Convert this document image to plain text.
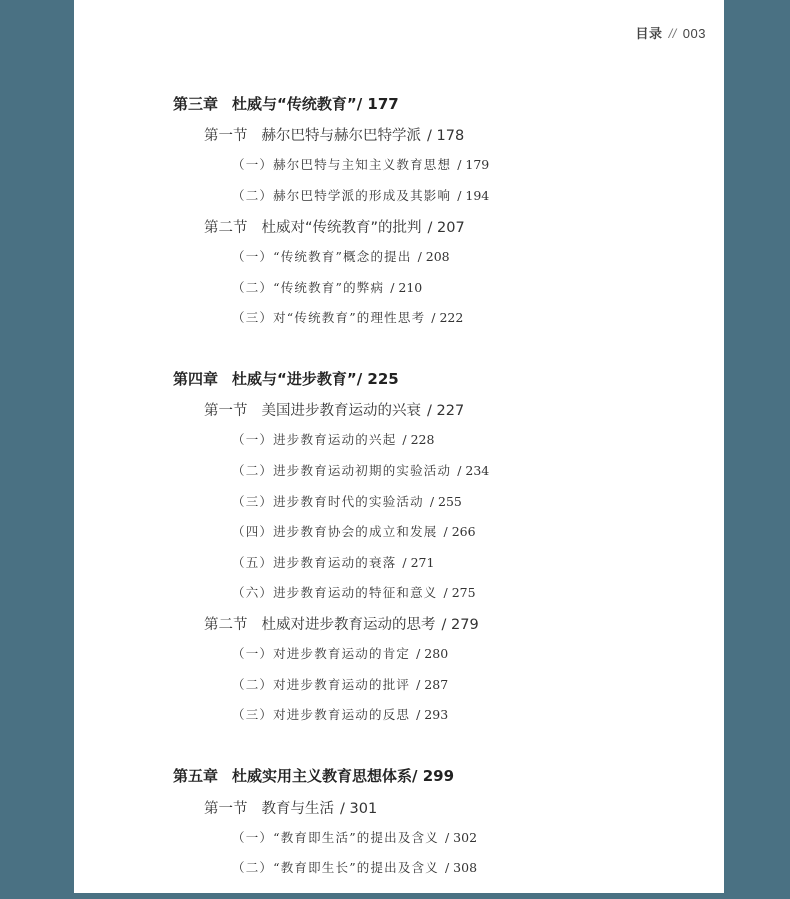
目录 // 003
第三章 杜威与“传统教育”/ 177
第一节 赫尔巴特与赫尔巴特学派 / 178
（一）赫尔巴特与主知主义教育思想 / 179
（二）赫尔巴特学派的形成及其影响 / 194
第二节 杜威对“传统教育”的批判 / 207
（一）“传统教育”概念的提出 / 208
（二）“传统教育”的弊病 / 210
（三）对“传统教育”的理性思考 / 222
第四章 杜威与“进步教育”/ 225
第一节 美国进步教育运动的兴衰 / 227
（一）进步教育运动的兴起 / 228
（二）进步教育运动初期的实验活动 / 234
（三）进步教育时代的实验活动 / 255
（四）进步教育协会的成立和发展 / 266
（五）进步教育运动的衰落 / 271
（六）进步教育运动的特征和意义 / 275
第二节 杜威对进步教育运动的思考 / 279
（一）对进步教育运动的肯定 / 280
（二）对进步教育运动的批评 / 287
（三）对进步教育运动的反思 / 293
第五章 杜威实用主义教育思想体系/ 299
第一节 教育与生活 / 301
（一）“教育即生活”的提出及含义 / 302
（二）“教育即生长”的提出及含义 / 308
